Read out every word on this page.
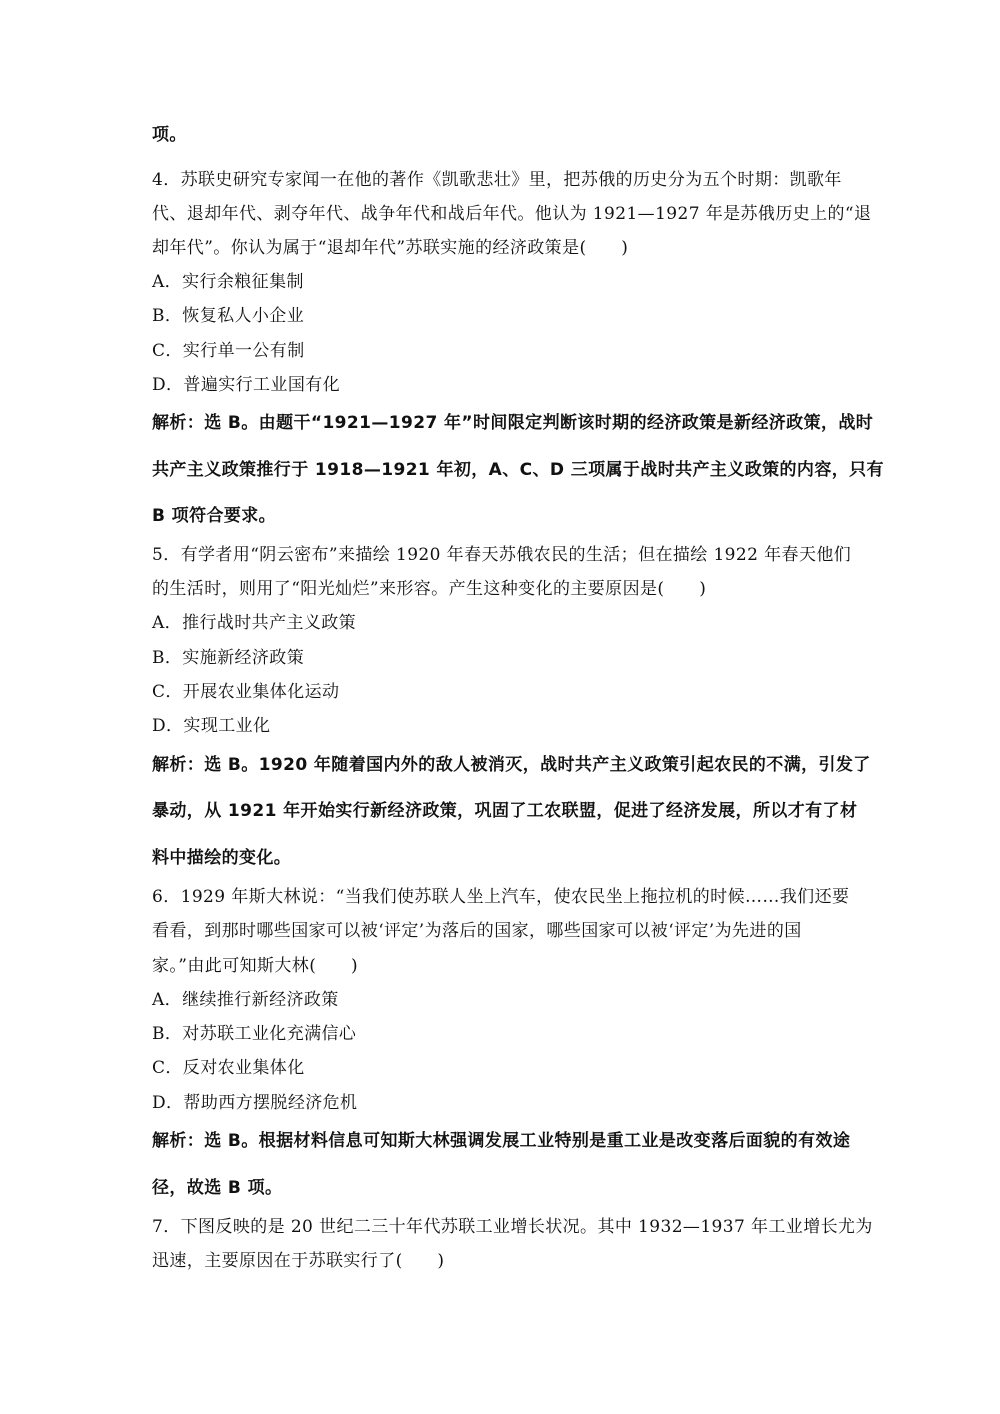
项。
4．苏联史研究专家闻一在他的著作《凯歌悲壮》里，把苏俄的历史分为五个时期：凯歌年
代、退却年代、剥夺年代、战争年代和战后年代。他认为 1921—1927 年是苏俄历史上的“退
却年代”。你认为属于“退却年代”苏联实施的经济政策是(　　)
A．实行余粮征集制
B．恢复私人小企业
C．实行单一公有制
D．普遍实行工业国有化
解析：选 B。由题干“1921—1927 年”时间限定判断该时期的经济政策是新经济政策，战时
共产主义政策推行于 1918—1921 年初，A、C、D 三项属于战时共产主义政策的内容，只有
B 项符合要求。
5．有学者用“阴云密布”来描绘 1920 年春天苏俄农民的生活；但在描绘 1922 年春天他们
的生活时，则用了“阳光灿烂”来形容。产生这种变化的主要原因是(　　)
A．推行战时共产主义政策
B．实施新经济政策
C．开展农业集体化运动
D．实现工业化
解析：选 B。1920 年随着国内外的敌人被消灭，战时共产主义政策引起农民的不满，引发了
暴动，从 1921 年开始实行新经济政策，巩固了工农联盟，促进了经济发展，所以才有了材
料中描绘的变化。
6．1929 年斯大林说：“当我们使苏联人坐上汽车，使农民坐上拖拉机的时候……我们还要
看看，到那时哪些国家可以被‘评定’为落后的国家，哪些国家可以被‘评定’为先进的国
家。”由此可知斯大林(　　)
A．继续推行新经济政策
B．对苏联工业化充满信心
C．反对农业集体化
D．帮助西方摆脱经济危机
解析：选 B。根据材料信息可知斯大林强调发展工业特别是重工业是改变落后面貌的有效途
径，故选 B 项。
7．下图反映的是 20 世纪二三十年代苏联工业增长状况。其中 1932—1937 年工业增长尤为
迅速，主要原因在于苏联实行了(　　)
